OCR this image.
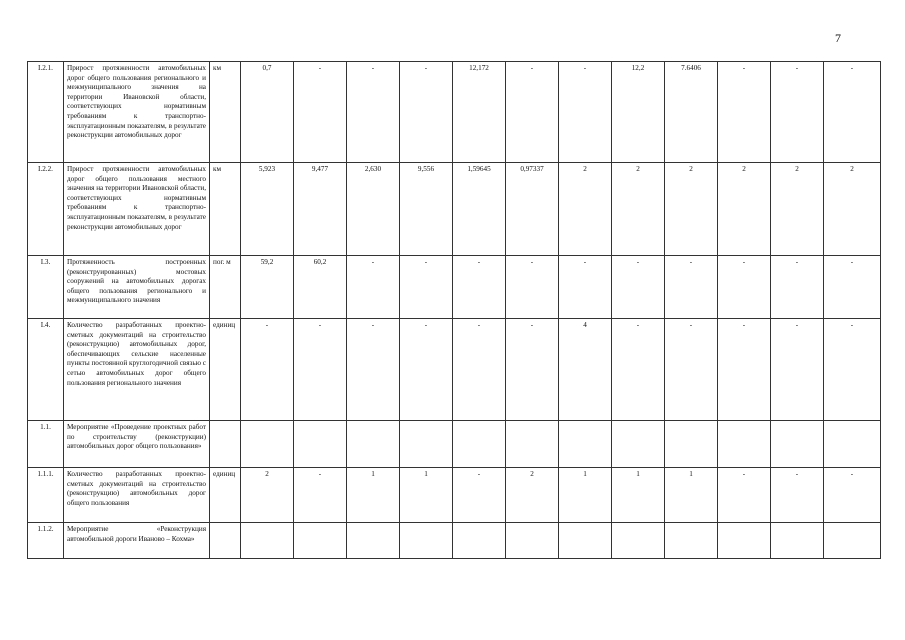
7
I.2.1.	Прирост протяженности автомобильных дорог общего пользования регионального и межмуниципального значения на территории Ивановской области, соответствующих нормативным требованиям к транспортно-эксплуатационным показателям, в результате реконструкции автомобильных дорог	км	0,7	-	-	-	12,172	-	-	12,2	7.6406	-	-	-
I.2.2.	Прирост протяженности автомобильных дорог общего пользования местного значения на территории Ивановской области, соответствующих нормативным требованиям к транспортно-эксплуатационным показателям, в результате реконструкции автомобильных дорог	км	5,923	9,477	2,630	9,556	1,59645	0,97337	2	2	2	2	2	2
I.3.	Протяженность построенных (реконструированных) мостовых сооружений на автомобильных дорогах общего пользования регионального и межмуниципального значения	пог. м	59,2	60,2	-	-	-	-	-	-	-	-	-	-
I.4.	Количество разработанных проектно-сметных документаций на строительство (реконструкцию) автомобильных дорог, обеспечивающих сельские населенные пункты постоянной круглогодичной связью с сетью автомобильных дорог общего пользования регионального значения	единиц	-	-	-	-	-	-	4	-	-	-	-	-
1.1.	Мероприятие «Проведение проектных работ по строительству (реконструкции) автомобильных дорог общего пользования»													
1.1.1.	Количество разработанных проектно-сметных документаций на строительство (реконструкцию) автомобильных дорог общего пользования	единиц	2	-	1	1	-	2	1	1	1	-	-	-
1.1.2.	Мероприятие «Реконструкция автомобильной дороги Иваново – Кохма»													
